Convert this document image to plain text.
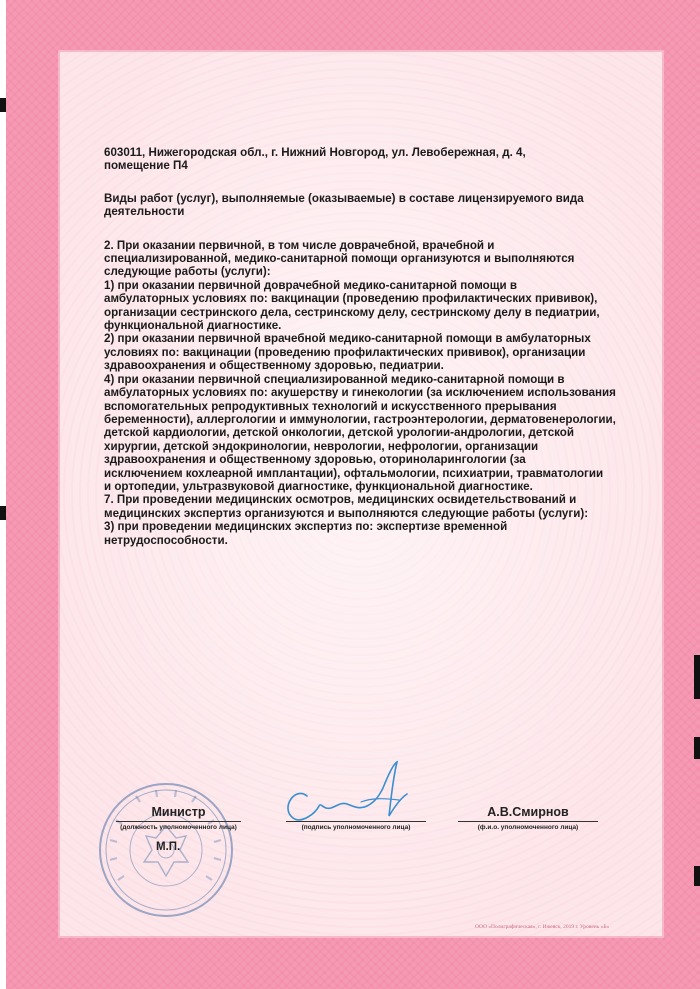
603011, Нижегородская обл., г. Нижний Новгород, ул. Левобережная, д. 4,
помещение П4

Виды работ (услуг), выполняемые (оказываемые) в составе лицензируемого вида
деятельности

2. При оказании первичной, в том числе доврачебной, врачебной и
специализированной, медико-санитарной помощи организуются и выполняются
следующие работы (услуги):
1) при оказании первичной доврачебной медико-санитарной помощи в
амбулаторных условиях по: вакцинации (проведению профилактических прививок),
организации сестринского дела, сестринскому делу, сестринскому делу в педиатрии,
функциональной диагностике.
2) при оказании первичной врачебной медико-санитарной помощи в амбулаторных
условиях по: вакцинации (проведению профилактических прививок), организации
здравоохранения и общественному здоровью, педиатрии.
4) при оказании первичной специализированной медико-санитарной помощи в
амбулаторных условиях по: акушерству и гинекологии (за исключением использования
вспомогательных репродуктивных технологий и искусственного прерывания
беременности), аллергологии и иммунологии, гастроэнтерологии, дерматовенерологии,
детской кардиологии, детской онкологии, детской урологии-андрологии, детской
хирургии, детской эндокринологии, неврологии, нефрологии, организации
здравоохранения и общественному здоровью, оториноларингологии (за
исключением кохлеарной имплантации), офтальмологии, психиатрии, травматологии
и ортопедии, ультразвуковой диагностике, функциональной диагностике.
7. При проведении медицинских осмотров, медицинских освидетельствований и
медицинских экспертиз организуются и выполняются следующие работы (услуги):
3) при проведении медицинских экспертиз по: экспертизе временной
нетрудоспособности.

Министр
(должность уполномоченного лица)	(подпись уполномоченного лица)
А.В.Смирнов
(ф.и.о. уполномоченного лица)
М.П.
ООО «Полиграфическая», г. Ижевск, 2019 г. Уровень «Б»
